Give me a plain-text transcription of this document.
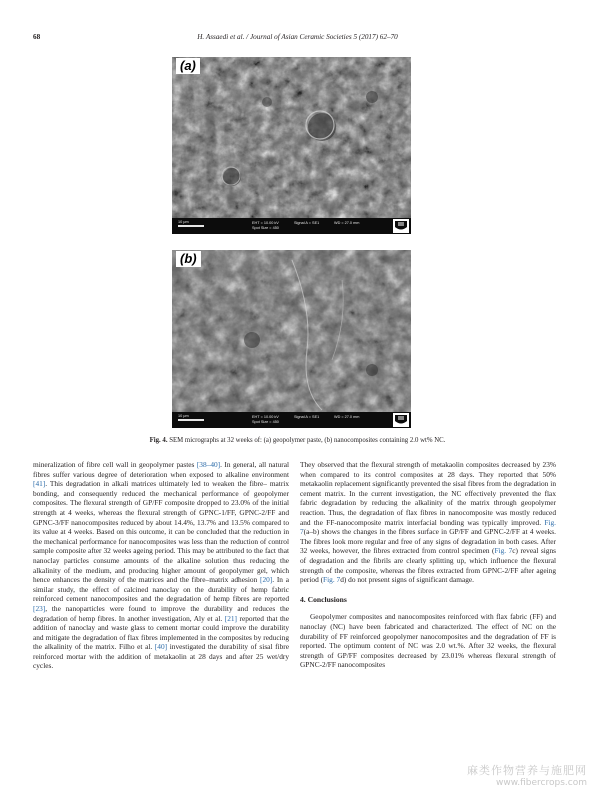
68	H. Assaedi et al. / Journal of Asian Ceramic Societies 5 (2017) 62–70
(a)
10 μm	EHT = 10.00 kV
Spot Size = 450
Signal A = SE1	WD = 27.0 mm
(b)
10 μm	EHT = 10.00 kV
Spot Size = 450
Signal A = SE1	WD = 27.0 mm
Fig. 4. SEM micrographs at 32 weeks of: (a) geopolymer paste, (b) nanocomposites containing 2.0 wt% NC.

mineralization of fibre cell wall in geopolymer pastes [38–40]. In general, all natural fibres suffer various degree of deterioration when exposed to alkaline environment [41]. This degradation in alkali matrices ultimately led to weaken the fibre– matrix bonding, and consequently reduced the mechanical performance of geopolymer composites. The flexural strength of GP/FF composite dropped to 23.0% of the initial strength at 4 weeks, whereas the flexural strength of GPNC-1/FF, GPNC-2/FF and GPNC-3/FF nanocomposites reduced by about 14.4%, 13.7% and 13.5% compared to its value at 4 weeks. Based on this outcome, it can be concluded that the reduction in the mechanical performance for nanocomposites was less than the reduction of control sample composite after 32 weeks ageing period. This may be attributed to the fact that nanoclay particles consume amounts of the alkaline solution thus reducing the alkalinity of the medium, and producing higher amount of geopolymer gel, which hence enhances the density of the matrices and the fibre–matrix adhesion [20]. In a similar study, the effect of calcined nanoclay on the durability of hemp fabric reinforced cement nanocomposites and the degradation of hemp fibres are reported [23], the nanoparticles were found to improve the durability and reduces the degradation of hemp fibres. In another investigation, Aly et al. [21] reported that the addition of nanoclay and waste glass to cement mortar could improve the durability and mitigate the degradation of flax fibres implemented in the composites by reducing the alkalinity of the matrix. Filho et al. [40] investigated the durability of sisal fibre reinforced mortar with the addition of metakaolin at 28 days and after 25 wet/dry cycles.

They observed that the flexural strength of metakaolin composites decreased by 23% when compared to its control composites at 28 days. They reported that 50% metakaolin replacement significantly prevented the sisal fibres from the degradation in cement matrix. In the current investigation, the NC effectively prevented the flax fabric degradation by reducing the alkalinity of the matrix through geopolymer reaction. Thus, the degradation of flax fibres in nanocomposite was mostly reduced and the FF-nanocomposite matrix interfacial bonding was typically improved. Fig. 7(a–b) shows the changes in the fibres surface in GP/FF and GPNC-2/FF at 4 weeks. The fibres look more regular and free of any signs of degradation in both cases. After 32 weeks, however, the fibres extracted from control specimen (Fig. 7c) reveal signs of degradation and the fibrils are clearly splitting up, which influence the flexural strength of the composite, whereas the fibres extracted from GPNC-2/FF after ageing period (Fig. 7d) do not present signs of significant damage.

4. Conclusions

Geopolymer composites and nanocomposites reinforced with flax fabric (FF) and nanoclay (NC) have been fabricated and characterized. The effect of NC on the durability of FF reinforced geopolymer nanocomposites and the degradation of FF is reported. The optimum content of NC was 2.0 wt.%. After 32 weeks, the flexural strength of GP/FF composites decreased by 23.01% whereas flexural strength of GPNC-2/FF nanocomposites

麻类作物营养与施肥网
www.fibercrops.com
